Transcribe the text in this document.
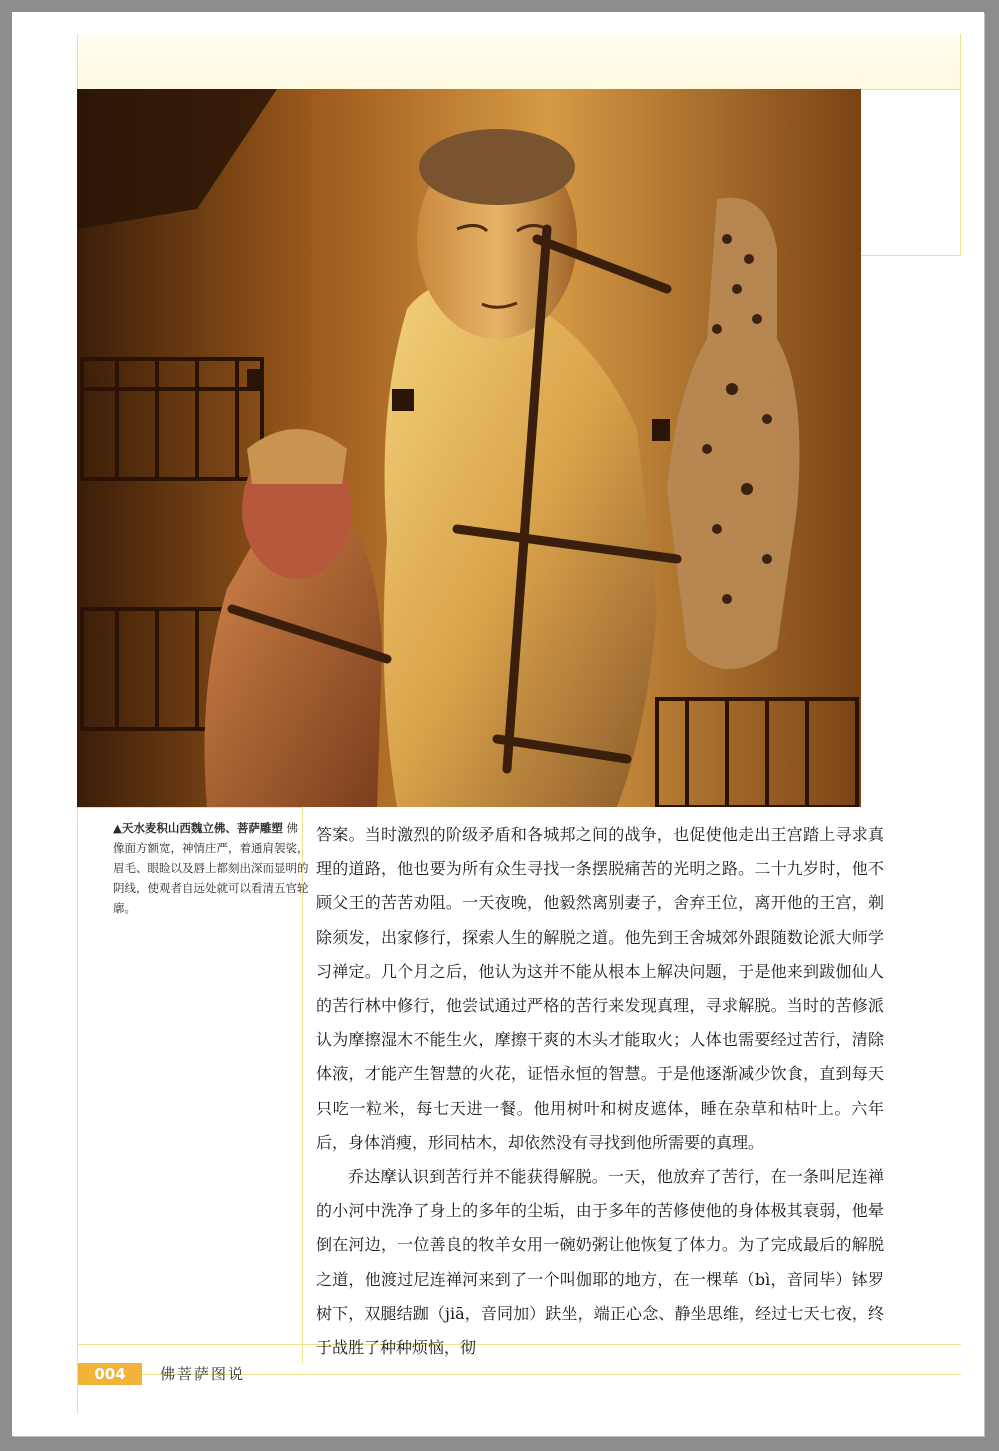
▲天水麦积山西魏立佛、菩萨雕塑 佛像面方额宽，神情庄严，着通肩袈裟，眉毛、眼睑以及唇上都刻出深而显明的阴线，使观者自远处就可以看清五官轮廓。

答案。当时激烈的阶级矛盾和各城邦之间的战争，也促使他走出王宫踏上寻求真理的道路，他也要为所有众生寻找一条摆脱痛苦的光明之路。二十九岁时，他不顾父王的苦苦劝阻。一天夜晚，他毅然离别妻子，舍弃王位，离开他的王宫，剃除须发，出家修行，探索人生的解脱之道。他先到王舍城郊外跟随数论派大师学习禅定。几个月之后，他认为这并不能从根本上解决问题，于是他来到跋伽仙人的苦行林中修行，他尝试通过严格的苦行来发现真理，寻求解脱。当时的苦修派认为摩擦湿木不能生火，摩擦干爽的木头才能取火；人体也需要经过苦行，清除体液，才能产生智慧的火花，证悟永恒的智慧。于是他逐渐减少饮食，直到每天只吃一粒米，每七天进一餐。他用树叶和树皮遮体，睡在杂草和枯叶上。六年后，身体消瘦，形同枯木，却依然没有寻找到他所需要的真理。

乔达摩认识到苦行并不能获得解脱。一天，他放弃了苦行，在一条叫尼连禅的小河中洗净了身上的多年的尘垢，由于多年的苦修使他的身体极其衰弱，他晕倒在河边，一位善良的牧羊女用一碗奶粥让他恢复了体力。为了完成最后的解脱之道，他渡过尼连禅河来到了一个叫伽耶的地方，在一棵荜（bì，音同毕）钵罗树下，双腿结跏（jiā，音同加）趺坐，端正心念、静坐思维，经过七天七夜，终于战胜了种种烦恼，彻

004	佛菩萨图说
